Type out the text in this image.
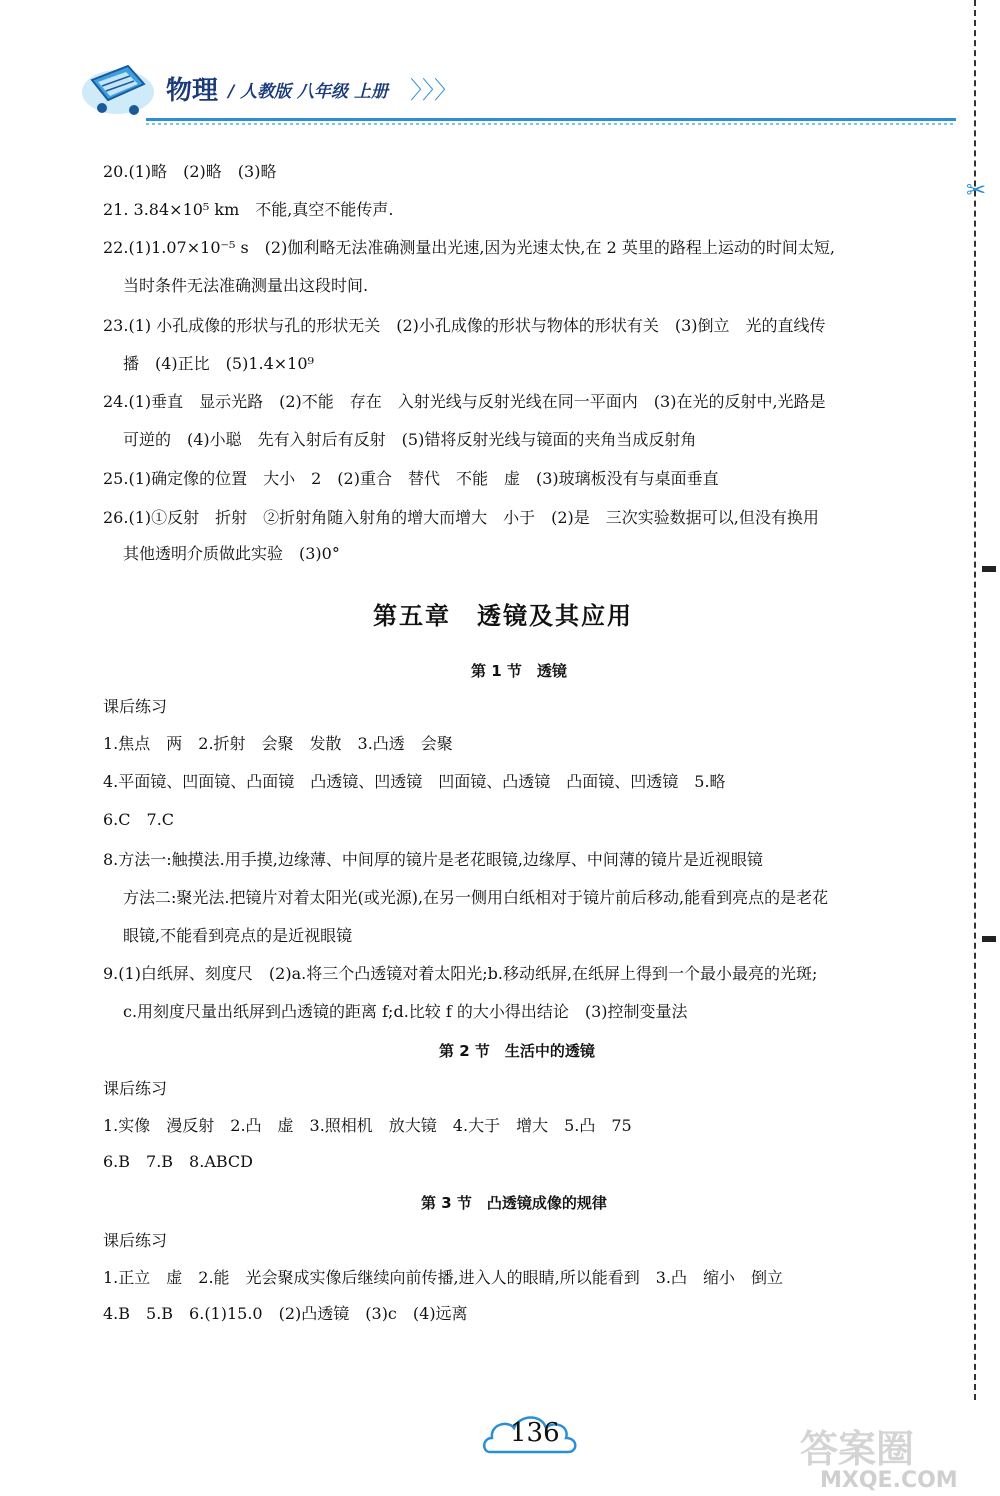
物理 / 人教版 八年级 上册 〉〉〉
✂
20.(1)略　(2)略　(3)略
21. 3.84×10⁵ km　不能,真空不能传声.
22.(1)1.07×10⁻⁵ s　(2)伽利略无法准确测量出光速,因为光速太快,在 2 英里的路程上运动的时间太短,
当时条件无法准确测量出这段时间.
23.(1) 小孔成像的形状与孔的形状无关　(2)小孔成像的形状与物体的形状有关　(3)倒立　光的直线传
播　(4)正比　(5)1.4×10⁹
24.(1)垂直　显示光路　(2)不能　存在　入射光线与反射光线在同一平面内　(3)在光的反射中,光路是
可逆的　(4)小聪　先有入射后有反射　(5)错将反射光线与镜面的夹角当成反射角
25.(1)确定像的位置　大小　2　(2)重合　替代　不能　虚　(3)玻璃板没有与桌面垂直
26.(1)①反射　折射　②折射角随入射角的增大而增大　小于　(2)是　三次实验数据可以,但没有换用
其他透明介质做此实验　(3)0°
第五章　透镜及其应用
第 1 节　透镜
课后练习
1.焦点　两　2.折射　会聚　发散　3.凸透　会聚
4.平面镜、凹面镜、凸面镜　凸透镜、凹透镜　凹面镜、凸透镜　凸面镜、凹透镜　5.略
6.C　7.C
8.方法一:触摸法.用手摸,边缘薄、中间厚的镜片是老花眼镜,边缘厚、中间薄的镜片是近视眼镜
方法二:聚光法.把镜片对着太阳光(或光源),在另一侧用白纸相对于镜片前后移动,能看到亮点的是老花
眼镜,不能看到亮点的是近视眼镜
9.(1)白纸屏、刻度尺　(2)a.将三个凸透镜对着太阳光;b.移动纸屏,在纸屏上得到一个最小最亮的光斑;
c.用刻度尺量出纸屏到凸透镜的距离 f;d.比较 f 的大小得出结论　(3)控制变量法
第 2 节　生活中的透镜
课后练习
1.实像　漫反射　2.凸　虚　3.照相机　放大镜　4.大于　增大　5.凸　75
6.B　7.B　8.ABCD
第 3 节　凸透镜成像的规律
课后练习
1.正立　虚　2.能　光会聚成实像后继续向前传播,进入人的眼睛,所以能看到　3.凸　缩小　倒立
4.B　5.B　6.(1)15.0　(2)凸透镜　(3)c　(4)远离
136	答案圈
MXQE.COM
